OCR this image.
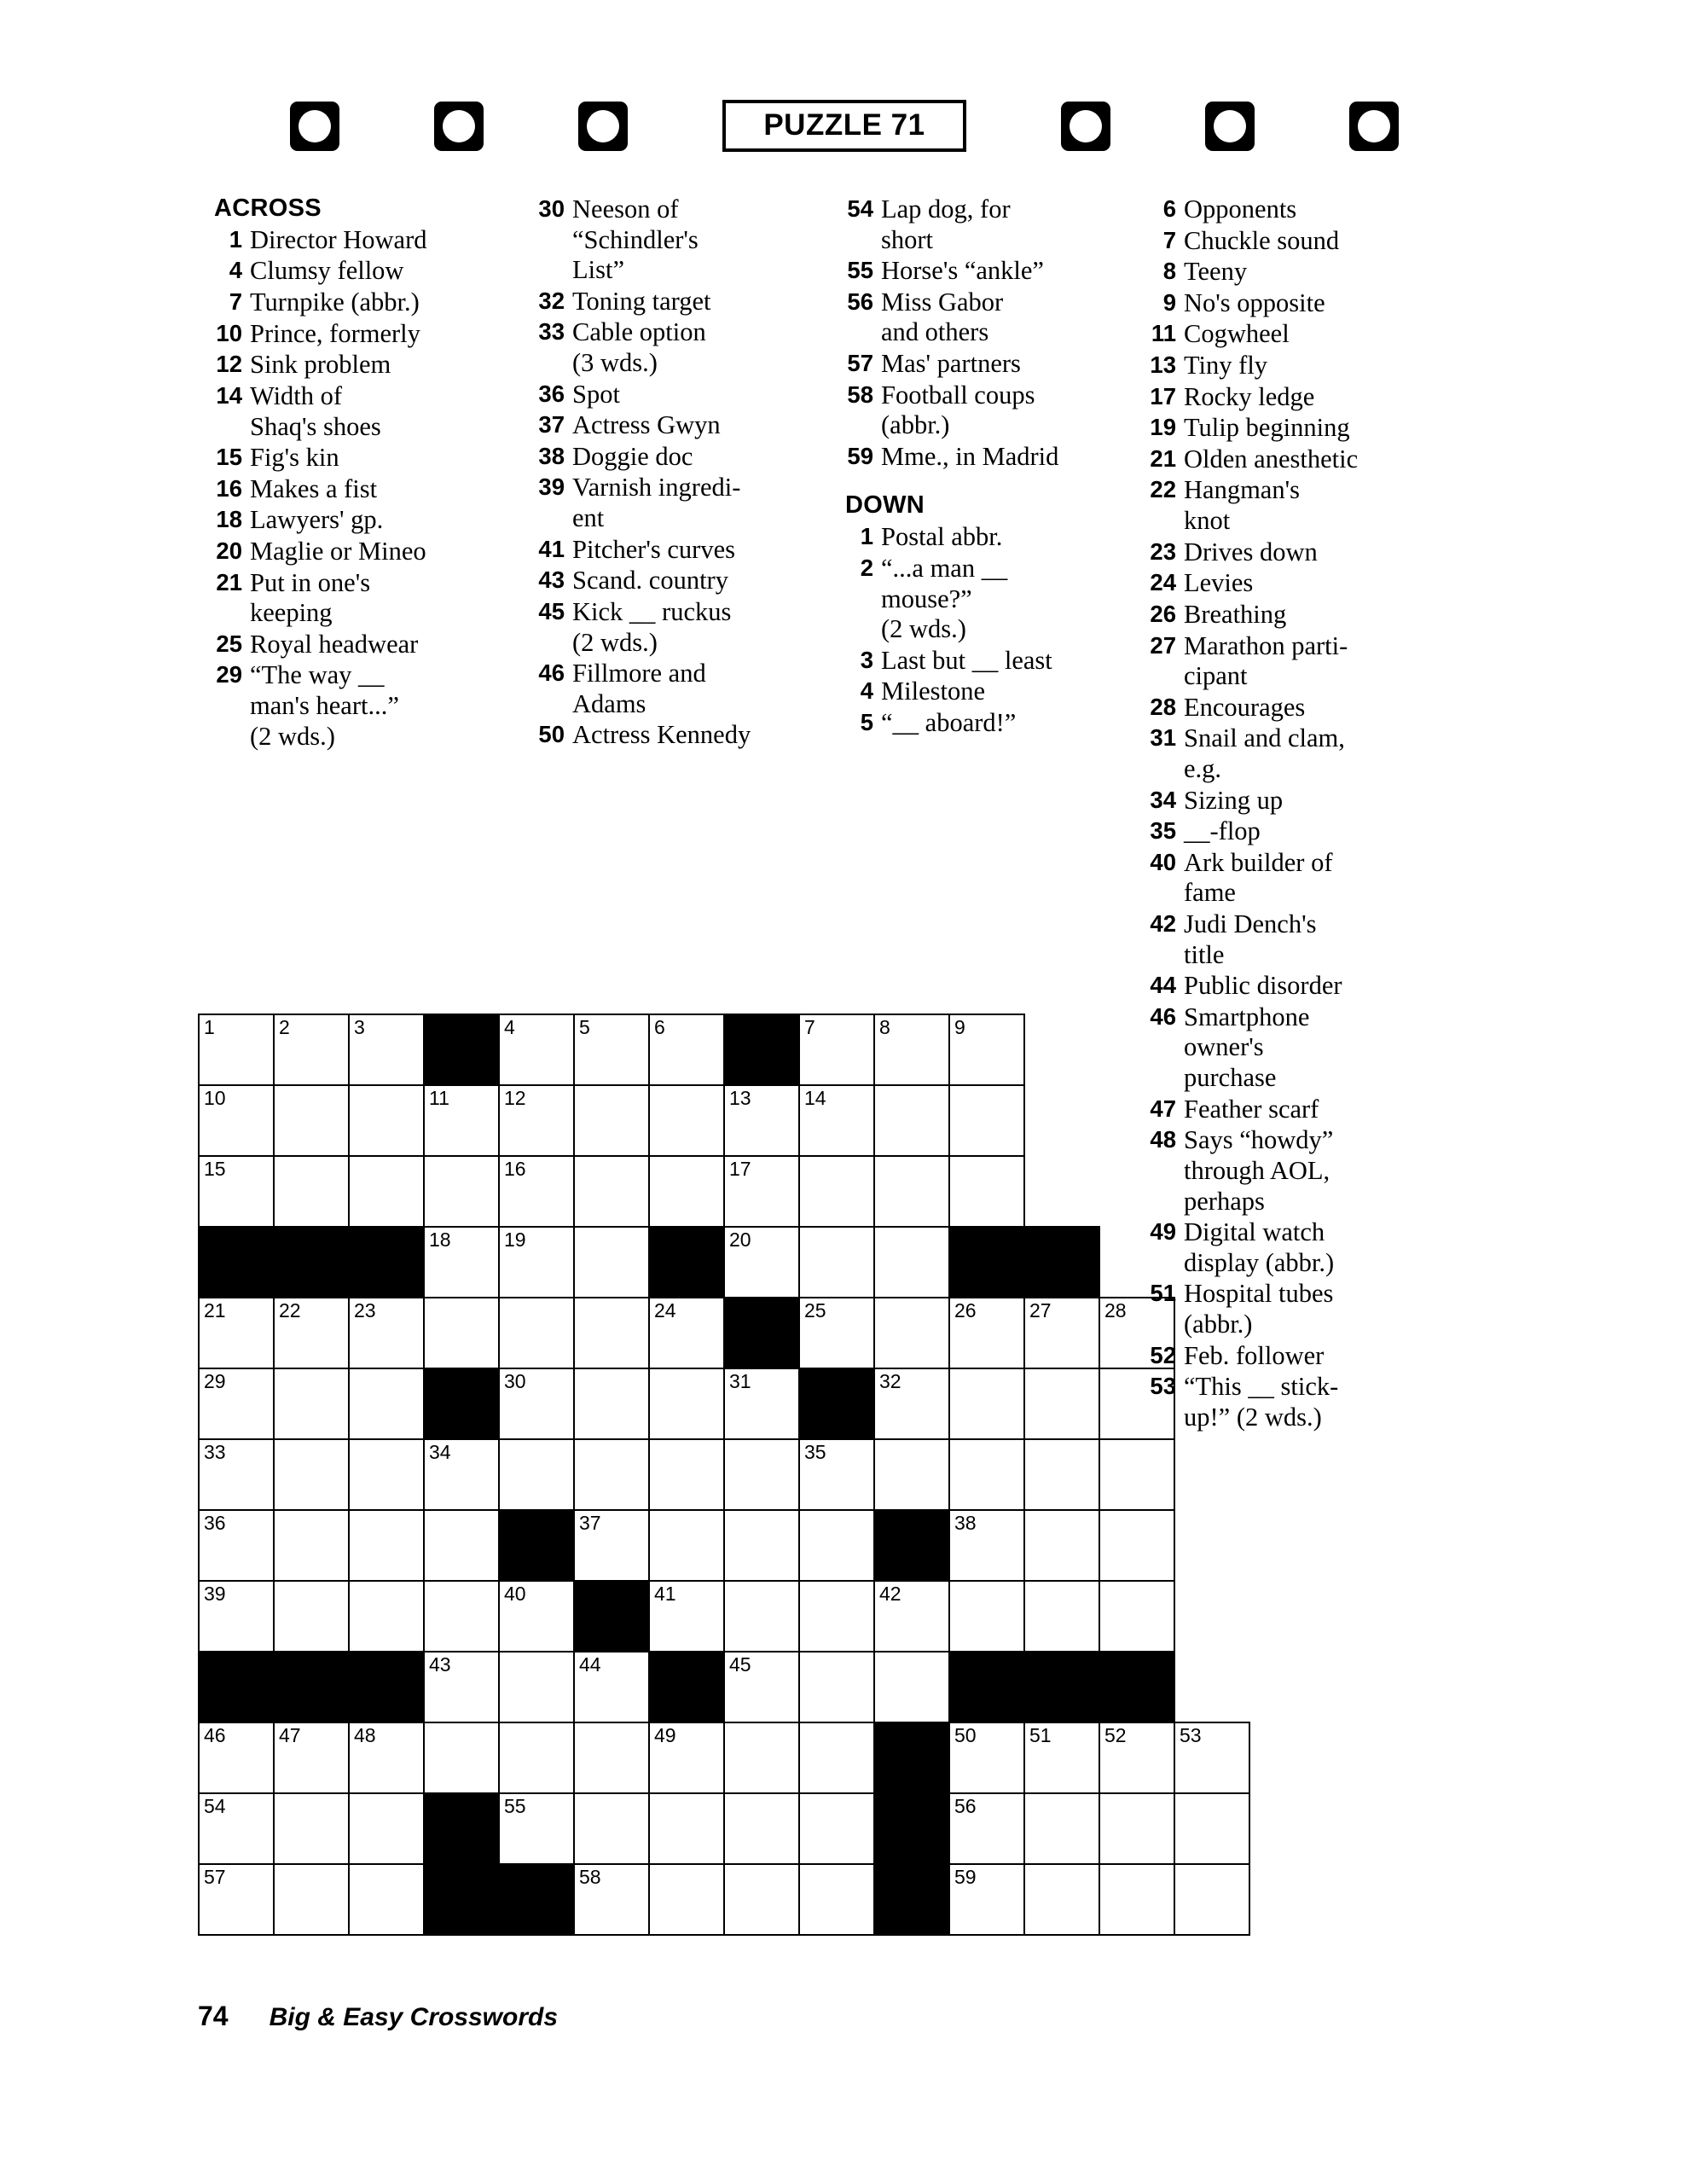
PUZZLE 71
ACROSS
1 Director Howard
4 Clumsy fellow
7 Turnpike (abbr.)
10 Prince, formerly
12 Sink problem
14 Width of
Shaq's shoes
15 Fig's kin
16 Makes a fist
18 Lawyers' gp.
20 Maglie or Mineo
21 Put in one's
keeping
25 Royal headwear
29 “The way __
man's heart...”
(2 wds.)
30 Neeson of
“Schindler's
List”
32 Toning target
33 Cable option
(3 wds.)
36 Spot
37 Actress Gwyn
38 Doggie doc
39 Varnish ingredi-
ent
41 Pitcher's curves
43 Scand. country
45 Kick __ ruckus
(2 wds.)
46 Fillmore and
Adams
50 Actress Kennedy
54 Lap dog, for
short
55 Horse's “ankle”
56 Miss Gabor
and others
57 Mas' partners
58 Football coups
(abbr.)
59 Mme., in Madrid
DOWN
1 Postal abbr.
2 “...a man __
mouse?”
(2 wds.)
3 Last but __ least
4 Milestone
5 “__ aboard!”
6 Opponents
7 Chuckle sound
8 Teeny
9 No's opposite
11 Cogwheel
13 Tiny fly
17 Rocky ledge
19 Tulip beginning
21 Olden anesthetic
22 Hangman's
knot
23 Drives down
24 Levies
26 Breathing
27 Marathon parti-
cipant
28 Encourages
31 Snail and clam,
e.g.
34 Sizing up
35 __-flop
40 Ark builder of
fame
42 Judi Dench's
title
44 Public disorder
46 Smartphone
owner's
purchase
47 Feather scarf
48 Says “howdy”
through AOL,
perhaps
49 Digital watch
display (abbr.)
51 Hospital tubes
(abbr.)
52 Feb. follower
53 “This __ stick-
up!” (2 wds.)
1	2	3		4	5	6		7	8	9			

10			11	12			13	14					

15				16			17						

			18	19			20						

21	22	23				24		25		26	27	28	

29				30			31		32				

33			34					35					

36					37					38			

39				40		41			42				

			43		44		45						

46	47	48				49				50	51	52	53

54				55						56			

57					58					59			

74 Big & Easy Crosswords
